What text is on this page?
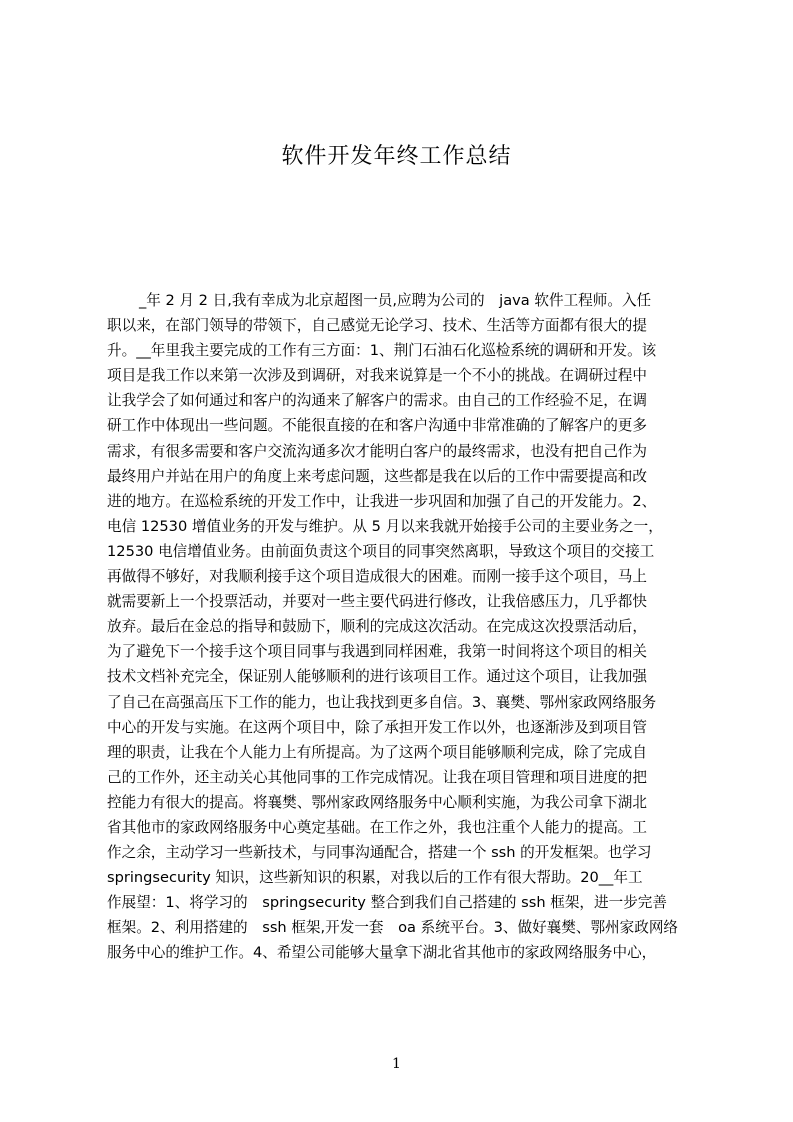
软件开发年终工作总结
_年 2 月 2 日,我有幸成为北京超图一员,应聘为公司的　java 软件工程师。入任
职以来，在部门领导的带领下，自己感觉无论学习、技术、生活等方面都有很大的提
升。__年里我主要完成的工作有三方面：1、荆门石油石化巡检系统的调研和开发。该
项目是我工作以来第一次涉及到调研，对我来说算是一个不小的挑战。在调研过程中
让我学会了如何通过和客户的沟通来了解客户的需求。由自己的工作经验不足，在调
研工作中体现出一些问题。不能很直接的在和客户沟通中非常准确的了解客户的更多
需求，有很多需要和客户交流沟通多次才能明白客户的最终需求，也没有把自己作为
最终用户并站在用户的角度上来考虑问题，这些都是我在以后的工作中需要提高和改
进的地方。在巡检系统的开发工作中，让我进一步巩固和加强了自己的开发能力。2、
电信 12530 增值业务的开发与维护。从 5 月以来我就开始接手公司的主要业务之一，
12530 电信增值业务。由前面负责这个项目的同事突然离职，导致这个项目的交接工
再做得不够好，对我顺利接手这个项目造成很大的困难。而刚一接手这个项目，马上
就需要新上一个投票活动，并要对一些主要代码进行修改，让我倍感压力，几乎都快
放弃。最后在金总的指导和鼓励下，顺利的完成这次活动。在完成这次投票活动后，
为了避免下一个接手这个项目同事与我遇到同样困难，我第一时间将这个项目的相关
技术文档补充完全，保证别人能够顺利的进行该项目工作。通过这个项目，让我加强
了自己在高强高压下工作的能力，也让我找到更多自信。3、襄樊、鄂州家政网络服务
中心的开发与实施。在这两个项目中，除了承担开发工作以外，也逐渐涉及到项目管
理的职责，让我在个人能力上有所提高。为了这两个项目能够顺利完成，除了完成自
己的工作外，还主动关心其他同事的工作完成情况。让我在项目管理和项目进度的把
控能力有很大的提高。将襄樊、鄂州家政网络服务中心顺利实施，为我公司拿下湖北
省其他市的家政网络服务中心奠定基础。在工作之外，我也注重个人能力的提高。工
作之余，主动学习一些新技术，与同事沟通配合，搭建一个 ssh 的开发框架。也学习
springsecurity 知识，这些新知识的积累，对我以后的工作有很大帮助。20__年工
作展望：1、将学习的　springsecurity 整合到我们自己搭建的 ssh 框架，进一步完善
框架。2、利用搭建的　ssh 框架,开发一套　oa 系统平台。3、做好襄樊、鄂州家政网络
服务中心的维护工作。4、希望公司能够大量拿下湖北省其他市的家政网络服务中心，
1
